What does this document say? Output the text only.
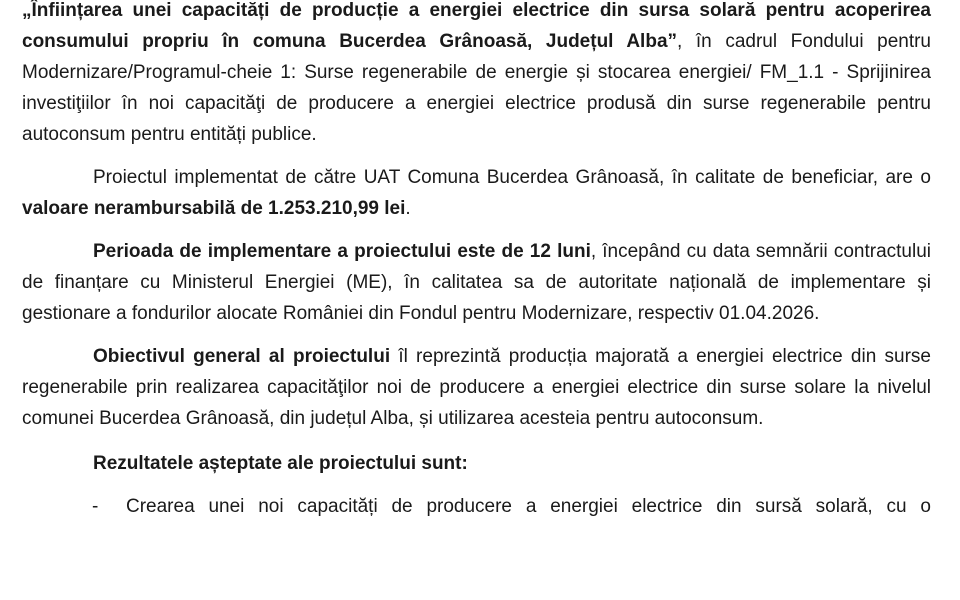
„Înființarea unei capacități de producție a energiei electrice din sursa solară pentru acoperirea consumului propriu în comuna Bucerdea Grânoasă, Județul Alba”, în cadrul Fondului pentru Modernizare/Programul-cheie 1: Surse regenerabile de energie și stocarea energiei/ FM_1.1 - Sprijinirea investiţiilor în noi capacităţi de producere a energiei electrice produsă din surse regenerabile pentru autoconsum pentru entități publice.

Proiectul implementat de către UAT Comuna Bucerdea Grânoasă, în calitate de beneficiar, are o valoare nerambursabilă de 1.253.210,99 lei.

Perioada de implementare a proiectului este de 12 luni, începând cu data semnării contractului de finanțare cu Ministerul Energiei (ME), în calitatea sa de autoritate națională de implementare și gestionare a fondurilor alocate României din Fondul pentru Modernizare, respectiv 01.04.2026.

Obiectivul general al proiectului îl reprezintă producția majorată a energiei electrice din surse regenerabile prin realizarea capacităţilor noi de producere a energiei electrice din surse solare la nivelul comunei Bucerdea Grânoasă, din județul Alba, și utilizarea acesteia pentru autoconsum.

Rezultatele așteptate ale proiectului sunt:

-	Crearea unei noi capacități de producere a energiei electrice din sursă solară, cu o
